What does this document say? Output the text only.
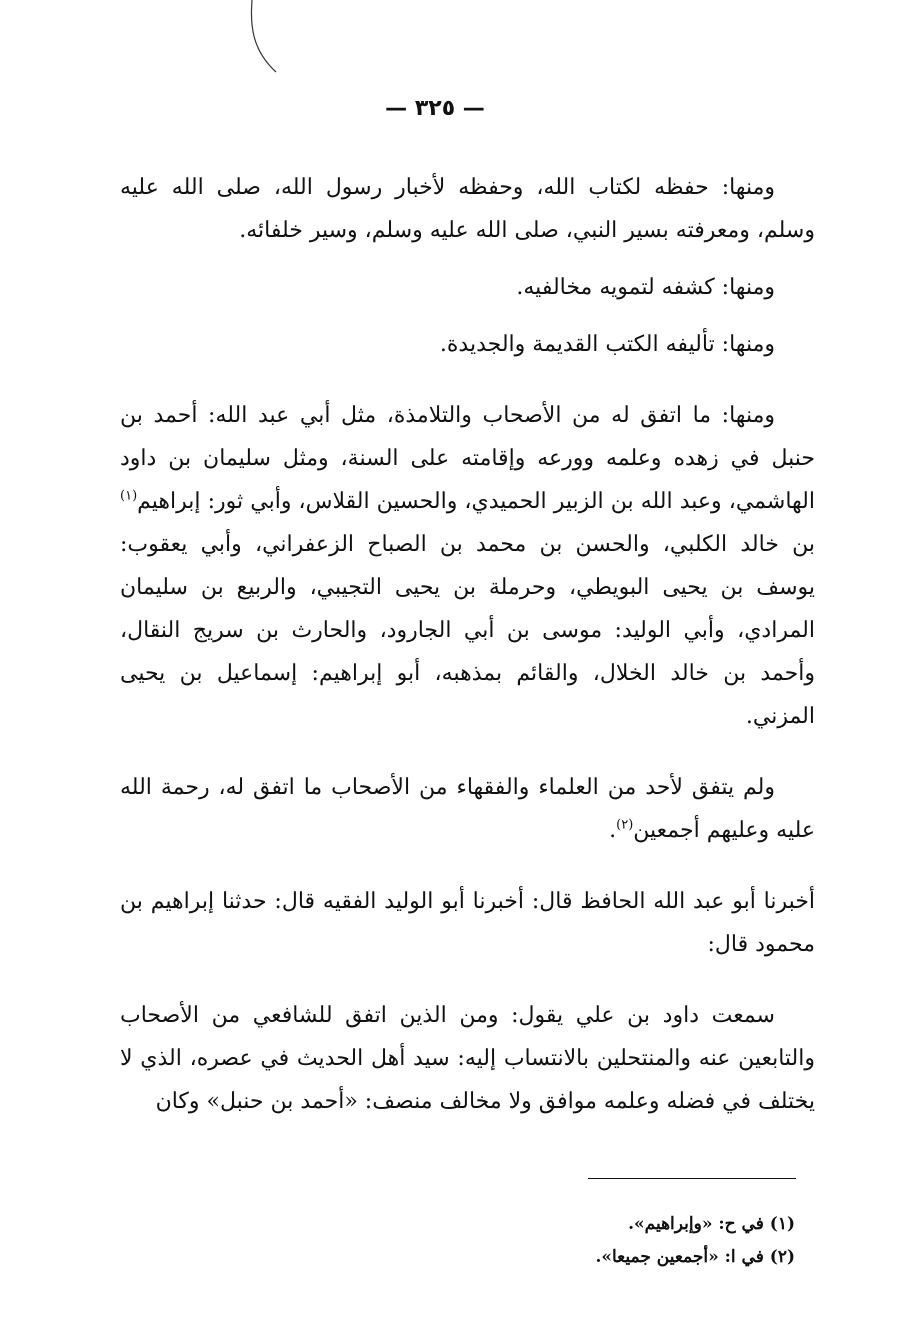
— ٣٢٥ —

ومنها: حفظه لكتاب الله، وحفظه لأخبار رسول الله، صلى الله عليه وسلم، ومعرفته بسير النبي، صلى الله عليه وسلم، وسير خلفائه.

ومنها: كشفه لتمويه مخالفيه.

ومنها: تأليفه الكتب القديمة والجديدة.

ومنها: ما اتفق له من الأصحاب والتلامذة، مثل أبي عبد الله: أحمد بن حنبل في زهده وعلمه وورعه وإقامته على السنة، ومثل سليمان بن داود الهاشمي، وعبد الله بن الزبير الحميدي، والحسين القلاس، وأبي ثور: إبراهيم$^{(١)}$ بن خالد الكلبي، والحسن بن محمد بن الصباح الزعفراني، وأبي يعقوب: يوسف بن يحيى البويطي، وحرملة بن يحيى التجيبي، والربيع بن سليمان المرادي، وأبي الوليد: موسى بن أبي الجارود، والحارث بن سريج النقال، وأحمد بن خالد الخلال، والقائم بمذهبه، أبو إبراهيم: إسماعيل بن يحيى المزني.

ولم يتفق لأحد من العلماء والفقهاء من الأصحاب ما اتفق له، رحمة الله عليه وعليهم أجمعين$^{(٢)}$.

أخبرنا أبو عبد الله الحافظ قال: أخبرنا أبو الوليد الفقيه قال: حدثنا إبراهيم بن محمود قال:

سمعت داود بن علي يقول: ومن الذين اتفق للشافعي من الأصحاب والتابعين عنه والمنتحلين بالانتساب إليه: سيد أهل الحديث في عصره، الذي لا يختلف في فضله وعلمه موافق ولا مخالف منصف: «أحمد بن حنبل» وكان

(١) في ح: «وإبراهيم».

(٢) في ا: «أجمعين جميعا».
